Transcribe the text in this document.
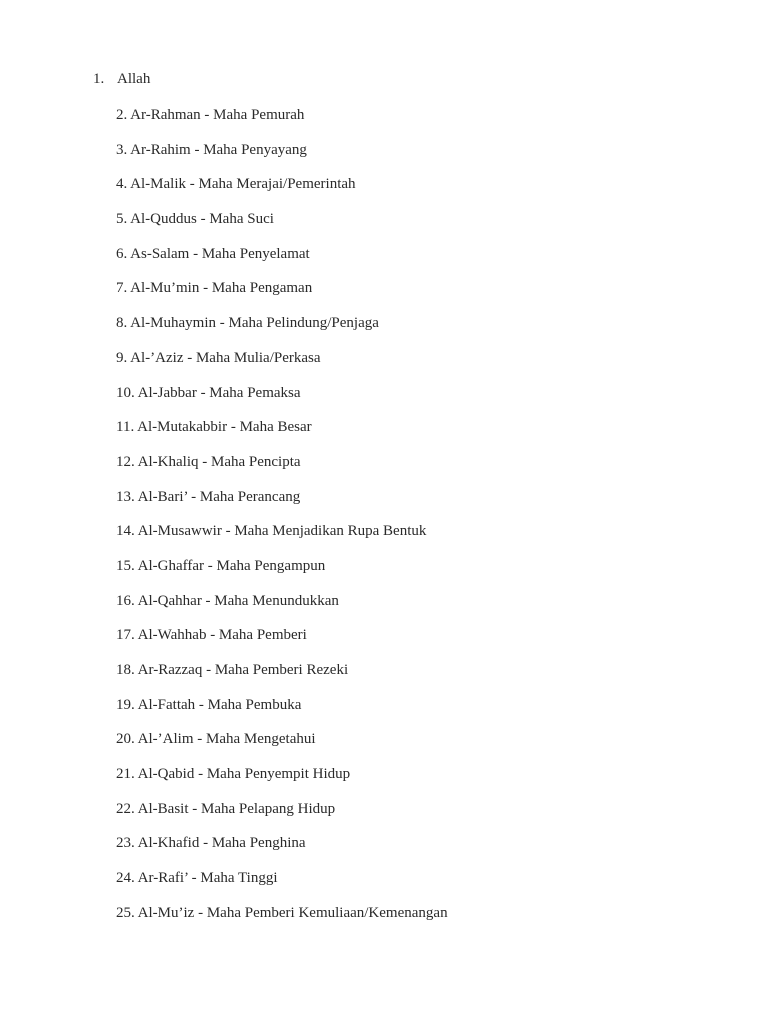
1. Allah
2. Ar-Rahman - Maha Pemurah
3. Ar-Rahim - Maha Penyayang
4. Al-Malik - Maha Merajai/Pemerintah
5. Al-Quddus - Maha Suci
6. As-Salam - Maha Penyelamat
7. Al-Mu’min - Maha Pengaman
8. Al-Muhaymin - Maha Pelindung/Penjaga
9. Al-’Aziz - Maha Mulia/Perkasa
10. Al-Jabbar - Maha Pemaksa
11. Al-Mutakabbir - Maha Besar
12. Al-Khaliq - Maha Pencipta
13. Al-Bari’ - Maha Perancang
14. Al-Musawwir - Maha Menjadikan Rupa Bentuk
15. Al-Ghaffar - Maha Pengampun
16. Al-Qahhar - Maha Menundukkan
17. Al-Wahhab - Maha Pemberi
18. Ar-Razzaq - Maha Pemberi Rezeki
19. Al-Fattah - Maha Pembuka
20. Al-’Alim - Maha Mengetahui
21. Al-Qabid - Maha Penyempit Hidup
22. Al-Basit - Maha Pelapang Hidup
23. Al-Khafid - Maha Penghina
24. Ar-Rafi’ - Maha Tinggi
25. Al-Mu’iz - Maha Pemberi Kemuliaan/Kemenangan
